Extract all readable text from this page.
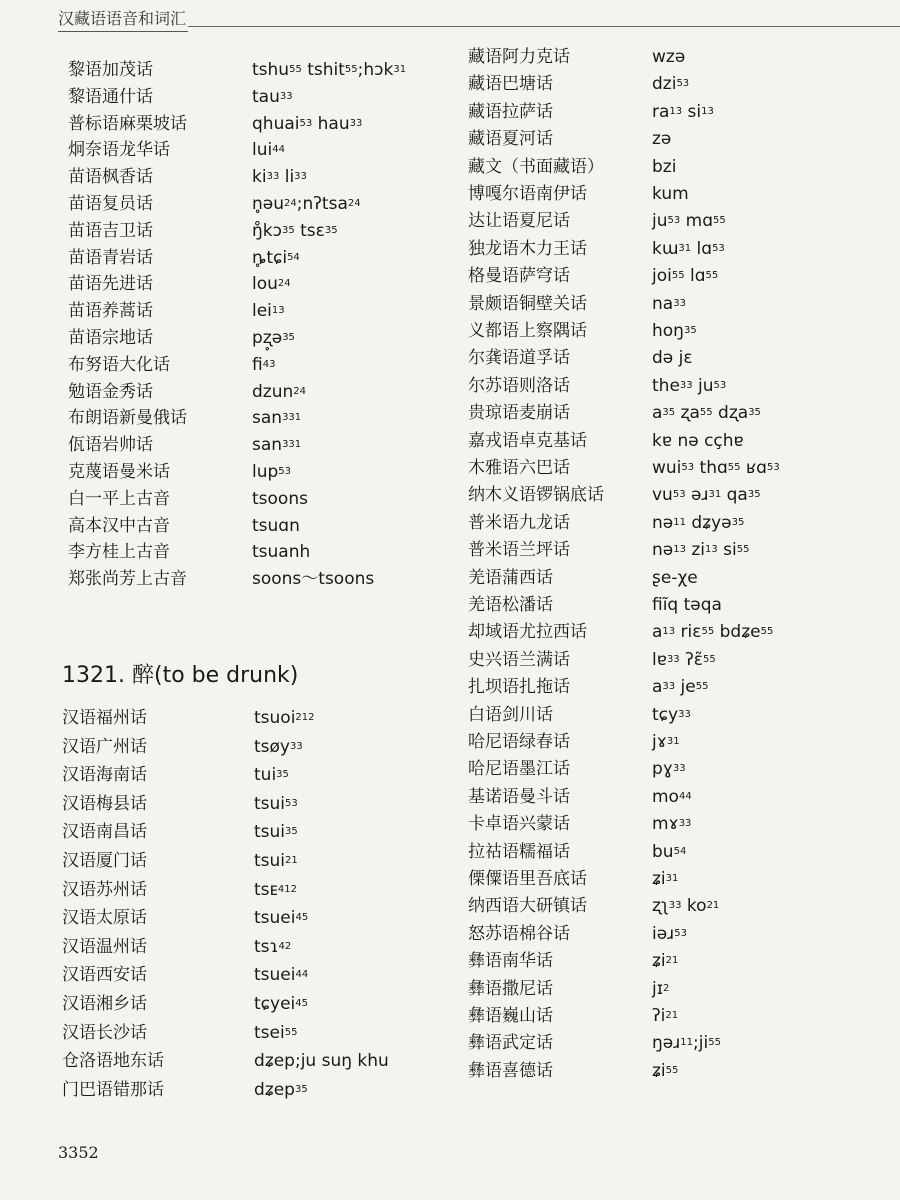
汉藏语语音和词汇
1321. 醉(to be drunk)
黎语加茂话	tshu$^{55}$ tshit$^{55}$;hɔk$^{31}$
黎语通什话	tau$^{33}$
普标语麻栗坡话	qhuai$^{53}$ hau$^{33}$
炯奈语龙华话	lui$^{44}$
苗语枫香话	$ki^{33}$ $li^{33}$
苗语复员话	n̥əu$^{24}$;nʔtsa$^{24}$
苗语吉卫话	ŋ̊kɔ$^{35}$ tsɛ$^{35}$
苗语青岩话	ȵ̥tɕi$^{54}$
苗语先进话	lou$^{24}$
苗语养蒿话	lei$^{13}$
苗语宗地话	pʐ̥ə$^{35}$
布努语大化话	$fi^{43}$
勉语金秀话	dzun$^{24}$
布朗语新曼俄话	san$^{331}$
佤语岩帅话	san$^{331}$
克蔑语曼米话	lup$^{53}$
白一平上古音	tsoons
高本汉中古音	tsuɑn
李方桂上古音	tsuanh
郑张尚芳上古音	soons～tsoons
汉语福州话	tsuoi$^{212}$
汉语广州话	tsøy$^{33}$
汉语海南话	tui$^{35}$
汉语梅县话	tsui$^{53}$
汉语南昌话	tsui$^{35}$
汉语厦门话	tsui$^{21}$
汉语苏州话	tsᴇ$^{412}$
汉语太原话	tsuei$^{45}$
汉语温州话	tsɿ$^{42}$
汉语西安话	tsuei$^{44}$
汉语湘乡话	tɕyei$^{45}$
汉语长沙话	tsei$^{55}$
仓洛语地东话	dʑep;ju suŋ khu
门巴语错那话	dʑep$^{35}$
藏语阿力克话	wzə
藏语巴塘话	dzi$^{53}$
藏语拉萨话	$ra^{13}$ $si^{13}$
藏语夏河话	zə
藏文（书面藏语）	bzi
博嘎尔语南伊话	kum
达让语夏尼话	$ju^{53}$ mɑ$^{55}$
独龙语木力王话	kɯ$^{31}$ lɑ$^{53}$
格曼语萨穹话	joi$^{55}$ lɑ$^{55}$
景颇语铜壁关话	$na^{33}$
义都语上察隅话	hoŋ$^{35}$
尔龚语道孚话	də jɛ
尔苏语则洛话	the$^{33}$ $ju^{53}$
贵琼语麦崩话	$a^{35}$ ʐa$^{55}$ dʐa$^{35}$
嘉戎语卓克基话	kɐ nə cçhɐ
木雅语六巴话	wui$^{53}$ thɑ$^{55}$ ʁɑ$^{53}$
纳木义语锣锅底话	$vu^{53}$ əɹ$^{31}$ $qa^{35}$
普米语九龙话	nə$^{11}$ dʑyə$^{35}$
普米语兰坪话	nə$^{13}$ $zi^{13}$ $si^{55}$
羌语蒲西话	ʂe-χe
羌语松潘话	fiĩq təqa
却域语尤拉西话	$a^{13}$ riɛ$^{55}$ bdʑe$^{55}$
史兴语兰满话	lɐ$^{33}$ ʔɛ̃$^{55}$
扎坝语扎拖话	$a^{33}$ $je^{55}$
白语剑川话	tɕy$^{33}$
哈尼语绿春话	jɤ$^{31}$
哈尼语墨江话	pɣ$^{33}$
基诺语曼斗话	$mo^{44}$
卡卓语兴蒙话	mɤ$^{33}$
拉祜语糯福话	$bu^{54}$
傈僳语里吾底话	ʑi$^{31}$
纳西语大研镇话	ʐʅ$^{33}$ $ko^{21}$
怒苏语棉谷话	iəɹ$^{53}$
彝语南华话	ʑi$^{21}$
彝语撒尼话	jɪ$^2$
彝语巍山话	ʔi$^{21}$
彝语武定话	$ŋəɹ^{11};ji^{55}$
彝语喜德话	ʑi$^{55}$
3352
